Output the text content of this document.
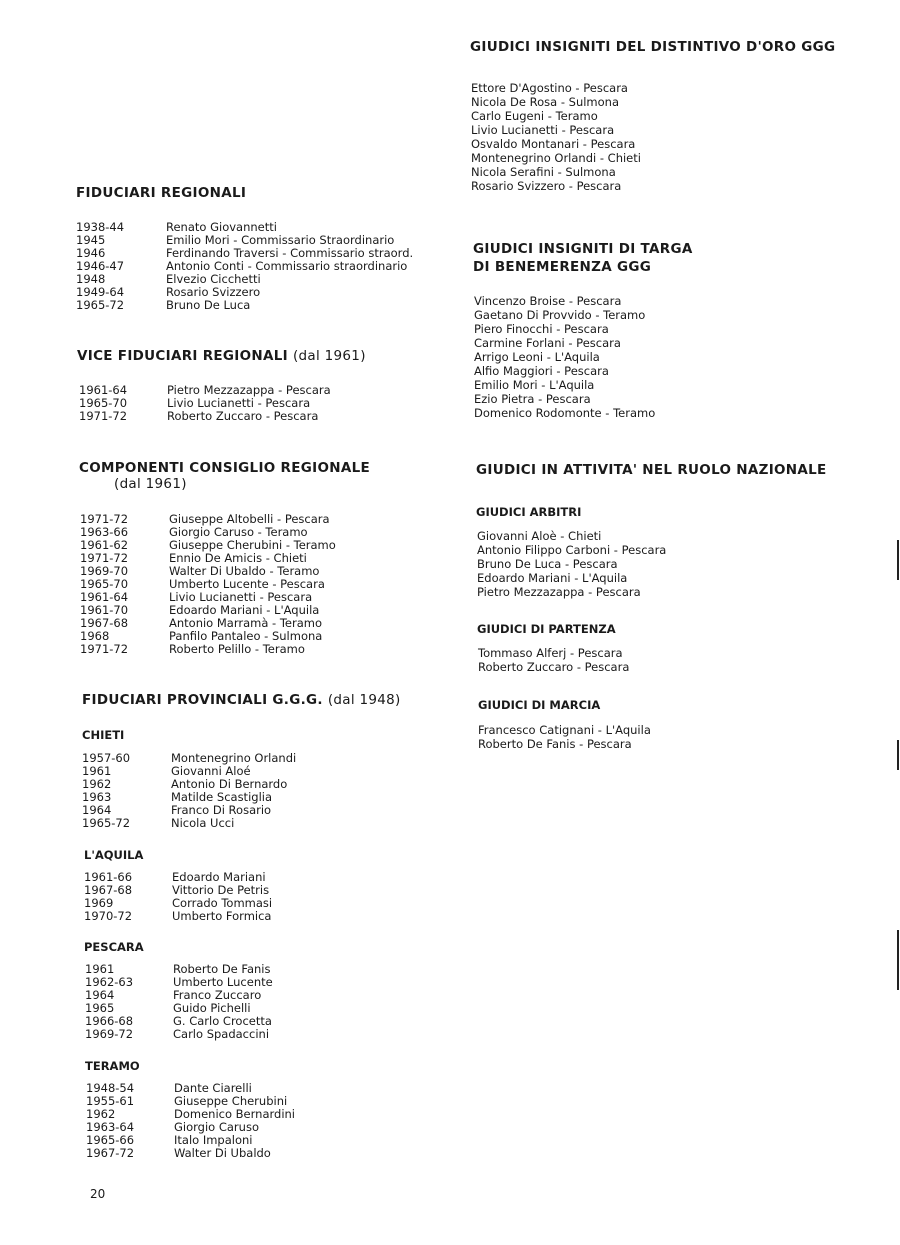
FIDUCIARI REGIONALI
1938-44	Renato Giovannetti
1945	Emilio Mori - Commissario Straordinario
1946	Ferdinando Traversi - Commissario straord.
1946-47	Antonio Conti - Commissario straordinario
1948	Elvezio Cicchetti
1949-64	Rosario Svizzero
1965-72	Bruno De Luca
VICE FIDUCIARI REGIONALI (dal 1961)
1961-64	Pietro Mezzazappa - Pescara
1965-70	Livio Lucianetti - Pescara
1971-72	Roberto Zuccaro - Pescara
COMPONENTI CONSIGLIO REGIONALE
(dal 1961)
1971-72	Giuseppe Altobelli - Pescara
1963-66	Giorgio Caruso - Teramo
1961-62	Giuseppe Cherubini - Teramo
1971-72	Ennio De Amicis - Chieti
1969-70	Walter Di Ubaldo - Teramo
1965-70	Umberto Lucente - Pescara
1961-64	Livio Lucianetti - Pescara
1961-70	Edoardo Mariani - L'Aquila
1967-68	Antonio Marramà - Teramo
1968	Panfilo Pantaleo - Sulmona
1971-72	Roberto Pelillo - Teramo
FIDUCIARI PROVINCIALI G.G.G. (dal 1948)
CHIETI
1957-60	Montenegrino Orlandi
1961	Giovanni Aloé
1962	Antonio Di Bernardo
1963	Matilde Scastiglia
1964	Franco Di Rosario
1965-72	Nicola Ucci
L'AQUILA
1961-66	Edoardo Mariani
1967-68	Vittorio De Petris
1969	Corrado Tommasi
1970-72	Umberto Formica
PESCARA
1961	Roberto De Fanis
1962-63	Umberto Lucente
1964	Franco Zuccaro
1965	Guido Pichelli
1966-68	G. Carlo Crocetta
1969-72	Carlo Spadaccini
TERAMO
1948-54	Dante Ciarelli
1955-61	Giuseppe Cherubini
1962	Domenico Bernardini
1963-64	Giorgio Caruso
1965-66	Italo Impaloni
1967-72	Walter Di Ubaldo
GIUDICI INSIGNITI DEL DISTINTIVO D'ORO GGG
Ettore D'Agostino - Pescara
Nicola De Rosa - Sulmona
Carlo Eugeni - Teramo
Livio Lucianetti - Pescara
Osvaldo Montanari - Pescara
Montenegrino Orlandi - Chieti
Nicola Serafini - Sulmona
Rosario Svizzero - Pescara
GIUDICI INSIGNITI DI TARGA
DI BENEMERENZA GGG
Vincenzo Broise - Pescara
Gaetano Di Provvido - Teramo
Piero Finocchi - Pescara
Carmine Forlani - Pescara
Arrigo Leoni - L'Aquila
Alfio Maggiori - Pescara
Emilio Mori - L'Aquila
Ezio Pietra - Pescara
Domenico Rodomonte - Teramo
GIUDICI IN ATTIVITA' NEL RUOLO NAZIONALE
GIUDICI ARBITRI
Giovanni Aloè - Chieti
Antonio Filippo Carboni - Pescara
Bruno De Luca - Pescara
Edoardo Mariani - L'Aquila
Pietro Mezzazappa - Pescara
GIUDICI DI PARTENZA
Tommaso Alferj - Pescara
Roberto Zuccaro - Pescara
GIUDICI DI MARCIA
Francesco Catignani - L'Aquila
Roberto De Fanis - Pescara
20
